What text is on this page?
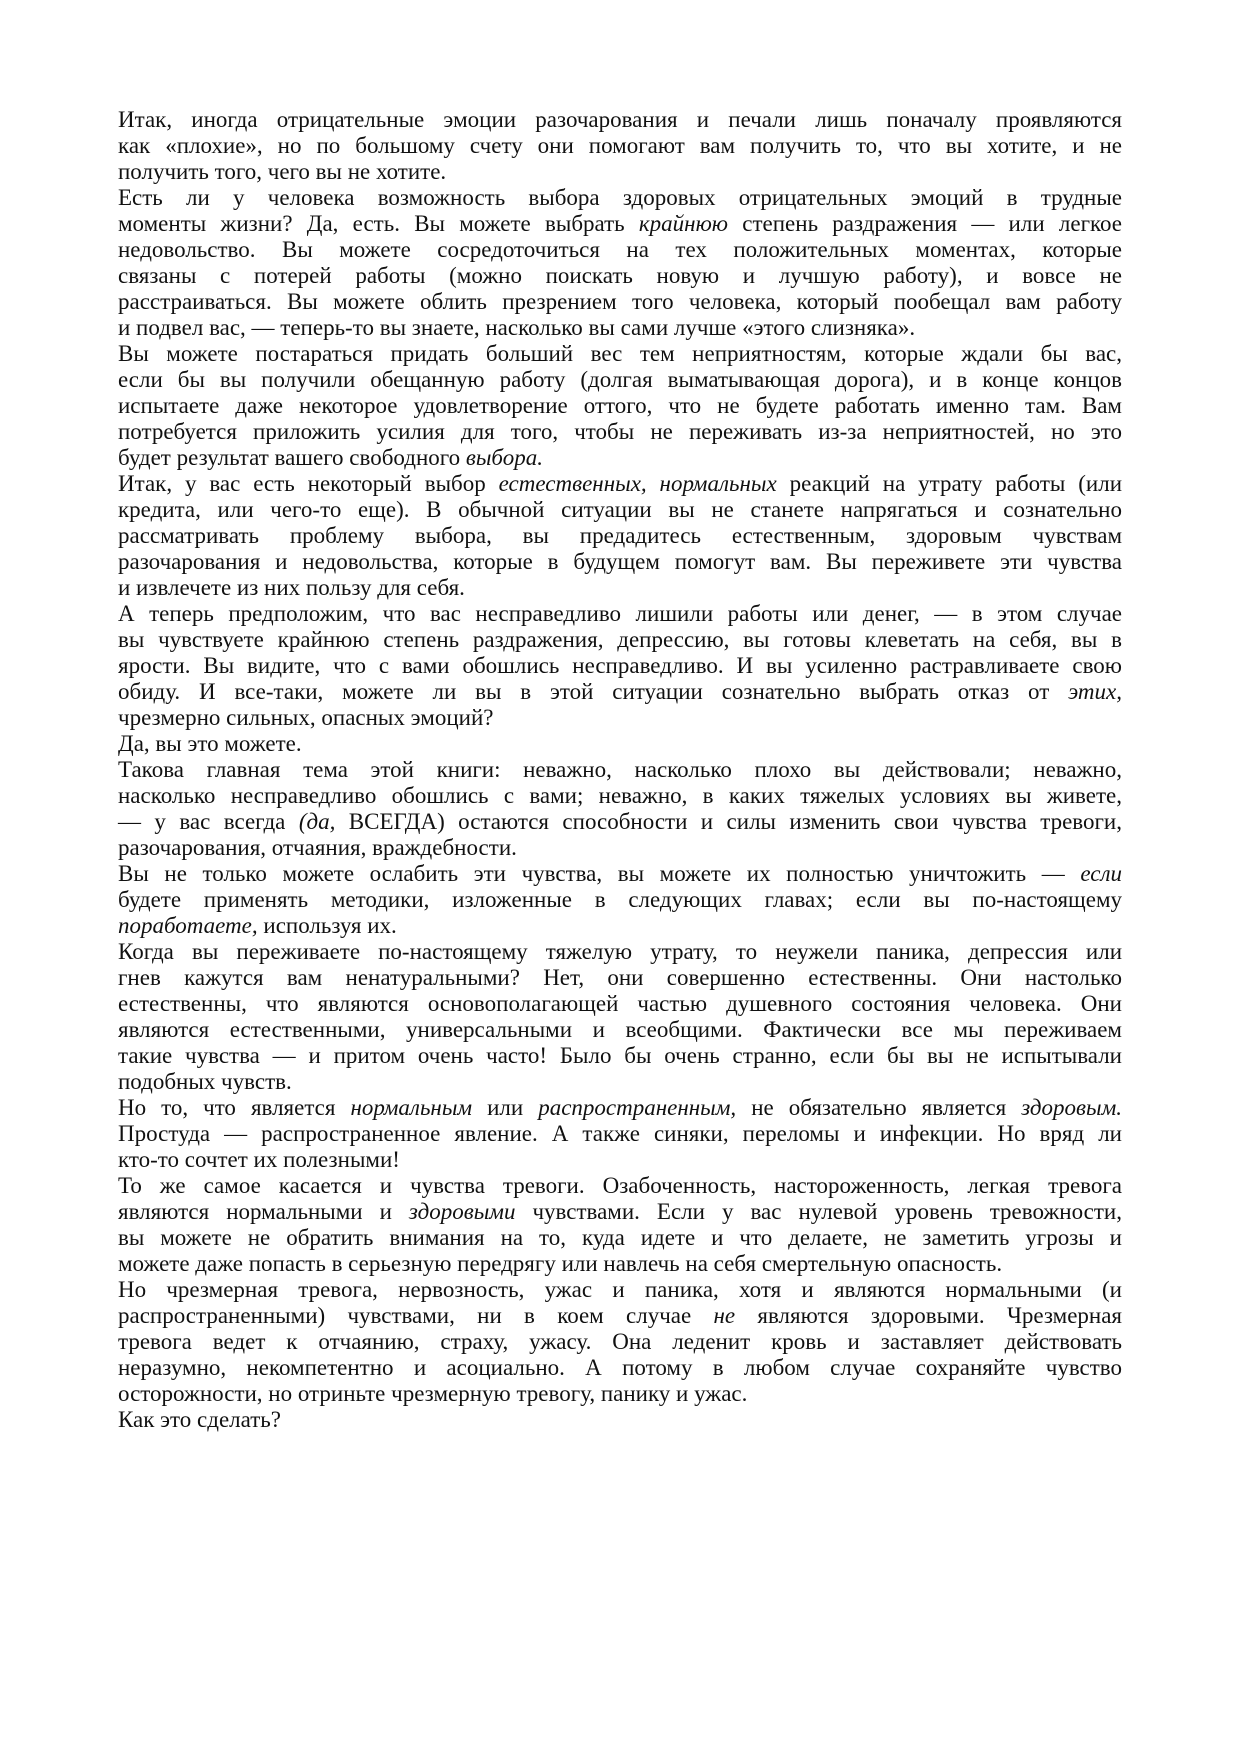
Итак, иногда отрицательные эмоции разочарования и печали лишь поначалу проявляются
как «плохие», но по большому счету они помогают вам получить то, что вы хотите, и не
получить того, чего вы не хотите.
Есть ли у человека возможность выбора здоровых отрицательных эмоций в трудные
моменты жизни? Да, есть. Вы можете выбрать крайнюю степень раздражения — или легкое
недовольство. Вы можете сосредоточиться на тех положительных моментах, которые
связаны с потерей работы (можно поискать новую и лучшую работу), и вовсе не
расстраиваться. Вы можете облить презрением того человека, который пообещал вам работу
и подвел вас, — теперь-то вы знаете, насколько вы сами лучше «этого слизняка».
Вы можете постараться придать больший вес тем неприятностям, которые ждали бы вас,
если бы вы получили обещанную работу (долгая выматывающая дорога), и в конце концов
испытаете даже некоторое удовлетворение оттого, что не будете работать именно там. Вам
потребуется приложить усилия для того, чтобы не переживать из-за неприятностей, но это
будет результат вашего свободного выбора.
Итак, у вас есть некоторый выбор естественных, нормальных реакций на утрату работы (или
кредита, или чего-то еще). В обычной ситуации вы не станете напрягаться и сознательно
рассматривать проблему выбора, вы предадитесь естественным, здоровым чувствам
разочарования и недовольства, которые в будущем помогут вам. Вы переживете эти чувства
и извлечете из них пользу для себя.
А теперь предположим, что вас несправедливо лишили работы или денег, — в этом случае
вы чувствуете крайнюю степень раздражения, депрессию, вы готовы клеветать на себя, вы в
ярости. Вы видите, что с вами обошлись несправедливо. И вы усиленно растравливаете свою
обиду. И все-таки, можете ли вы в этой ситуации сознательно выбрать отказ от этих,
чрезмерно сильных, опасных эмоций?
Да, вы это можете.
Такова главная тема этой книги: неважно, насколько плохо вы действовали; неважно,
насколько несправедливо обошлись с вами; неважно, в каких тяжелых условиях вы живете,
— у вас всегда (да, ВСЕГДА) остаются способности и силы изменить свои чувства тревоги,
разочарования, отчаяния, враждебности.
Вы не только можете ослабить эти чувства, вы можете их полностью уничтожить — если
будете применять методики, изложенные в следующих главах; если вы по-настоящему
поработаете, используя их.
Когда вы переживаете по-настоящему тяжелую утрату, то неужели паника, депрессия или
гнев кажутся вам ненатуральными? Нет, они совершенно естественны. Они настолько
естественны, что являются основополагающей частью душевного состояния человека. Они
являются естественными, универсальными и всеобщими. Фактически все мы переживаем
такие чувства — и притом очень часто! Было бы очень странно, если бы вы не испытывали
подобных чувств.
Но то, что является нормальным или распространенным, не обязательно является здоровым.
Простуда — распространенное явление. А также синяки, переломы и инфекции. Но вряд ли
кто-то сочтет их полезными!
То же самое касается и чувства тревоги. Озабоченность, настороженность, легкая тревога
являются нормальными и здоровыми чувствами. Если у вас нулевой уровень тревожности,
вы можете не обратить внимания на то, куда идете и что делаете, не заметить угрозы и
можете даже попасть в серьезную передрягу или навлечь на себя смертельную опасность.
Но чрезмерная тревога, нервозность, ужас и паника, хотя и являются нормальными (и
распространенными) чувствами, ни в коем случае не являются здоровыми. Чрезмерная
тревога ведет к отчаянию, страху, ужасу. Она леденит кровь и заставляет действовать
неразумно, некомпетентно и асоциально. А потому в любом случае сохраняйте чувство
осторожности, но отриньте чрезмерную тревогу, панику и ужас.
Как это сделать?
